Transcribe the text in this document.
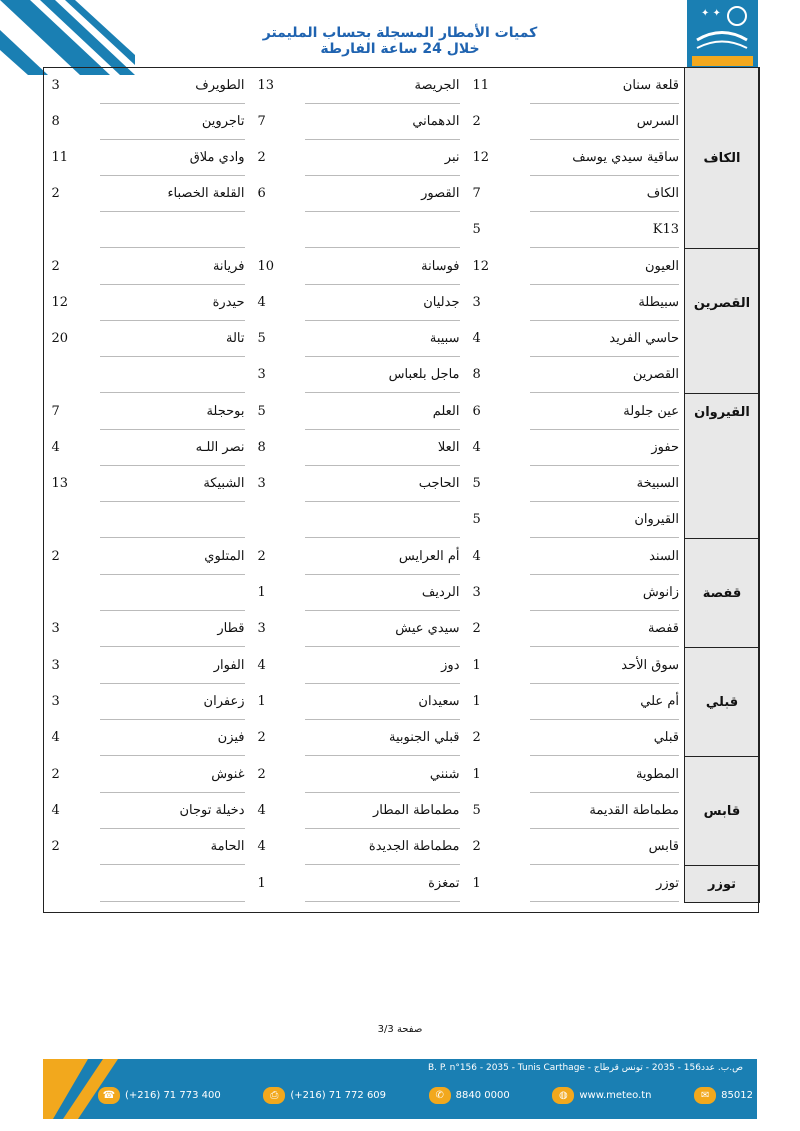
✦ ✦
كميات الأمطار المسجلة بحساب المليمتر
خلال 24 ساعة الفارطة

	قلعة سنان	11	الجريصة	13	الطويرف	3

	السرس	2	الدهماني	7	تاجروين	8

الكاف	ساقية سيدي يوسف	12	نبر	2	وادي ملاق	11

	الكاف	7	القصور	6	القلعة الخصباء	2

	K13	5				

	العيون	12	فوسانة	10	فريانة	2

القصرين	سبيطلة	3	جدليان	4	حيدرة	12

	حاسي الفريد	4	سبيبة	5	تالة	20

	القصرين	8	ماجل بلعباس	3		

القيروان	عين جلولة	6	العلم	5	بوحجلة	7

	حفوز	4	العلا	8	نصر اللـه	4

	السبيخة	5	الحاجب	3	الشبيكة	13

	القيروان	5				

	السند	4	أم العرايس	2	المتلوي	2

قفصة	زانوش	3	الرديف	1		

	قفصة	2	سيدي عيش	3	قطار	3

	سوق الأحد	1	دوز	4	الفوار	3

قبلي	أم علي	1	سعيدان	1	زعفران	3

	قبلي	2	قبلي الجنوبية	2	فيزن	4

	المطوية	1	شنني	2	غنوش	2

قابس	مطماطة القديمة	5	مطماطة المطار	4	دخيلة توجان	4

	قابس	2	مطماطة الجديدة	4	الحامة	2

توزر	توزر	1	تمغزة	1		

صفحة 3/3
B. P. n°156 - 2035 - Tunis Carthage - ص.ب. عدد156 - 2035 - تونس قرطاج
☎ (+216) 71 773 400	⎙	(+216) 71 772 609	✆	8840 0000	◍	www.meteo.tn	✉	85012
